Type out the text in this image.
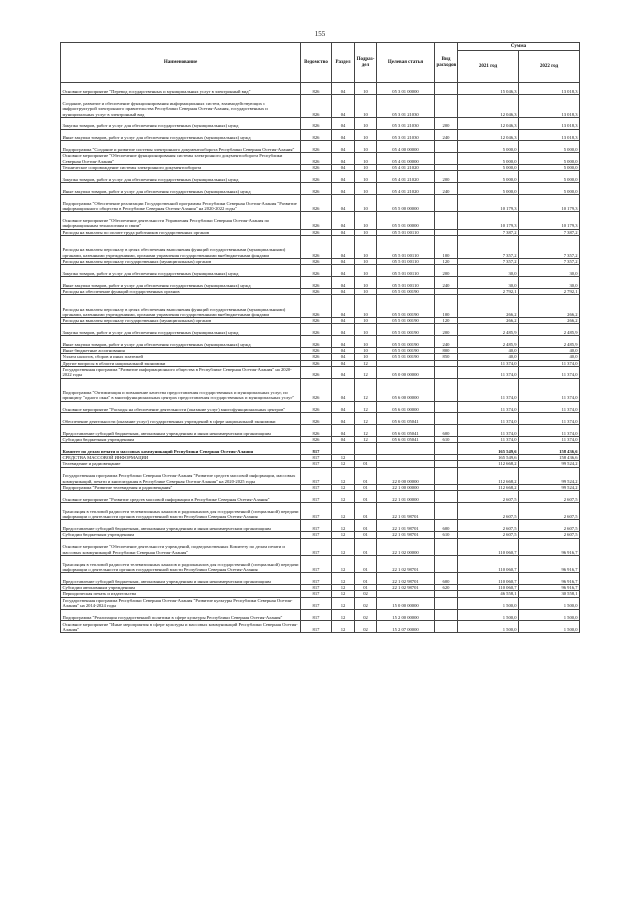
155
Наименование	Ведомство	Раздел	Подраз-дел	Целевая статья	Вид расходов	Сумма	
						2021 год	2022 год
Основное мероприятие "Перевод государственных и муниципальных услуг в электронный вид"	826	04	10	05 3 01 00000		15 046,3	13 018,3
Создание, развитие и обеспечение функционирования информационных систем, взаимодействующих с инфраструктурой электронного правительства Республики Северная Осетия-Алания, государственных и муниципальных услуг в электронный вид	826	04	10	05 3 01 21030		12 046,3	13 018,3
Закупка товаров, работ и услуг для обеспечения государственных (муниципальных) нужд	826	04	10	05 3 01 21030	200	12 046,3	13 018,3
Иные закупки товаров, работ и услуг для обеспечения государственных (муниципальных) нужд	826	04	10	05 3 01 21030	240	12 046,3	13 018,3
Подпрограмма "Создание и развитие системы электронного документооборота Республики Северная Осетия-Алания"	826	04	10	05 4 00 00000		5 000,0	5 000,0
Основное мероприятие "Обеспечение функционирования системы электронного документооборота Республики Северная Осетия-Алания"	826	04	10	05 4 01 00000		5 000,0	5 000,0
Техническое сопровождение системы электронного документооборота	826	04	10	05 4 01 21020		5 000,0	5 000,0
Закупка товаров, работ и услуг для обеспечения государственных (муниципальных) нужд	826	04	10	05 4 01 21020	200	5 000,0	5 000,0
Иные закупки товаров, работ и услуг для обеспечения государственных (муниципальных) нужд	826	04	10	05 4 01 21020	240	5 000,0	5 000,0
Подпрограмма "Обеспечение реализации Государственной программы Республики Северная Осетия-Алания "Развитие информационного общества в Республике Северная Осетия-Алания" на 2020-2022 годы"	826	04	10	05 5 00 00000		10 179,3	10 179,3
Основное мероприятие "Обеспечение деятельности Управления Республики Северная Осетия-Алания по информационным технологиям и связи"	826	04	10	05 5 01 00000		10 179,3	10 179,3
Расходы на выплаты по оплате труда работников государственных органов	826	04	10	05 5 01 00110		7 387,2	7 387,2
Расходы на выплаты персоналу в целях обеспечения выполнения функций государственными (муниципальными) органами, казенными учреждениями, органами управления государственными внебюджетными фондами	826	04	10	05 5 01 00110	100	7 357,2	7 357,2
Расходы на выплаты персоналу государственных (муниципальных) органов	826	04	10	05 5 01 00110	120	7 357,2	7 357,2
Закупка товаров, работ и услуг для обеспечения государственных (муниципальных) нужд	826	04	10	05 5 01 00110	200	30,0	30,0
Иные закупки товаров, работ и услуг для обеспечения государственных (муниципальных) нужд	826	04	10	05 5 01 00110	240	30,0	30,0
Расходы на обеспечение функций государственных органов	826	04	10	05 5 01 00190		2 792,1	2 792,1
Расходы на выплаты персоналу в целях обеспечения выполнения функций государственными (муниципальными) органами, казенными учреждениями, органами управления государственными внебюджетными фондами	826	04	10	05 5 01 00190	100	266,2	266,2
Расходы на выплаты персоналу государственных (муниципальных) органов	826	04	10	05 5 01 00190	120	266,2	266,2
Закупка товаров, работ и услуг для обеспечения государственных (муниципальных) нужд	826	04	10	05 5 01 00190	200	2 485,9	2 485,9
Иные закупки товаров, работ и услуг для обеспечения государственных (муниципальных) нужд	826	04	10	05 5 01 00190	240	2 485,9	2 485,9
Иные бюджетные ассигнования	826	04	10	05 5 01 00190	800	40,0	40,0
Уплата налогов, сборов и иных платежей	826	04	10	05 5 01 00190	850	40,0	40,0
Другие вопросы в области национальной экономики	826	04	12			11 374,0	11 374,0
Государственная программа "Развитие информационного общества в Республике Северная Осетия-Алания" на 2020-2022 годы	826	04	12	05 0 00 00000		11 374,0	11 374,0
Подпрограмма "Оптимизация и повышение качества предоставления государственных и муниципальных услуг, по принципу "одного окна" в многофункциональных центрах предоставления государственных и муниципальных услуг"	826	04	12	05 6 00 00000		11 374,0	11 374,0
Основное мероприятие "Расходы на обеспечение деятельности (оказание услуг) многофункциональных центров"	826	04	12	05 6 01 00000		11 374,0	11 374,0
Обеспечение деятельности (оказание услуг) государственных учреждений в сфере национальной экономики	826	04	12	05 6 01 05041		11 374,0	11 374,0
Предоставление субсидий бюджетным, автономным учреждениям и иным некоммерческим организациям	826	04	12	05 6 01 05041	600	11 374,0	11 374,0
Субсидии бюджетным учреждениям	826	04	12	05 6 01 05041	610	11 374,0	11 374,0
Комитет по делам печати и массовых коммуникаций Республики Северная Осетия-Алания	817					165 549,6	158 436,6
СРЕДСТВА МАССОВОЙ ИНФОРМАЦИИ	817	12				165 549,6	158 436,6
Телевидение и радиовещание	817	12	01			112 668,2	99 524,2
Государственная программа Республики Северная Осетия-Алания "Развитие средств массовой информации, массовых коммуникаций, печати и книгоиздания в Республике Северная Осетия-Алания" на 2020-2025 годы	817	12	01	22 0 00 00000		112 668,2	99 524,2
Подпрограмма "Развитие телевидения и радиовещания"	817	12	01	22 1 00 00000		112 668,2	99 524,2
Основное мероприятие "Развитие средств массовой информации в Республике Северная Осетия-Алания"	817	12	01	22 1 01 00000		2 607,5	2 607,5
Трансляция в тепловой радиосети телевизионных каналов и радиоканалов для государственной (специальной) передачи информации о деятельности органов государственной власти Республики Северная Осетия-Алания	817	12	01	22 1 01 98701		2 607,5	2 607,5
Предоставление субсидий бюджетным, автономным учреждениям и иным некоммерческим организациям	817	12	01	22 1 01 98701	600	2 607,5	2 607,5
Субсидии бюджетным учреждениям	817	12	01	22 1 01 98701	610	2 607,5	2 607,5
Основное мероприятие "Обеспечение деятельности учреждений, подведомственных Комитету по делам печати и массовых коммуникаций Республики Северная Осетия-Алания"	817	12	01	22 1 02 00000		110 060,7	96 916,7
Трансляция в тепловой радиосети телевизионных каналов и радиоканалов для государственной (специальной) передачи информации о деятельности органов государственной власти Республики Северная Осетия-Алания	817	12	01	22 1 02 98701		110 060,7	96 916,7
Предоставление субсидий бюджетным, автономным учреждениям и иным некоммерческим организациям	817	12	01	22 1 02 98701	600	110 060,7	96 916,7
Субсидии автономным учреждениям	817	12	01	22 1 02 98701	620	110 060,7	96 916,7
Периодическая печать и издательства	817	12	02			46 558,1	30 558,1
Государственная программа Республики Северная Осетия-Алания "Развитие культуры Республики Северная Осетия-Алания" на 2014-2024 годы	817	12	02	15 0 00 00000		1 500,0	1 500,0
Подпрограмма "Реализация государственной политики в сфере культуры Республики Северная Осетия-Алания"	817	12	02	15 2 00 00000		1 500,0	1 500,0
Основное мероприятие "Иные мероприятия в сфере культуры и массовых коммуникаций Республики Северная Осетия-Алания"	817	12	02	15 2 07 00000		1 500,0	1 500,0
